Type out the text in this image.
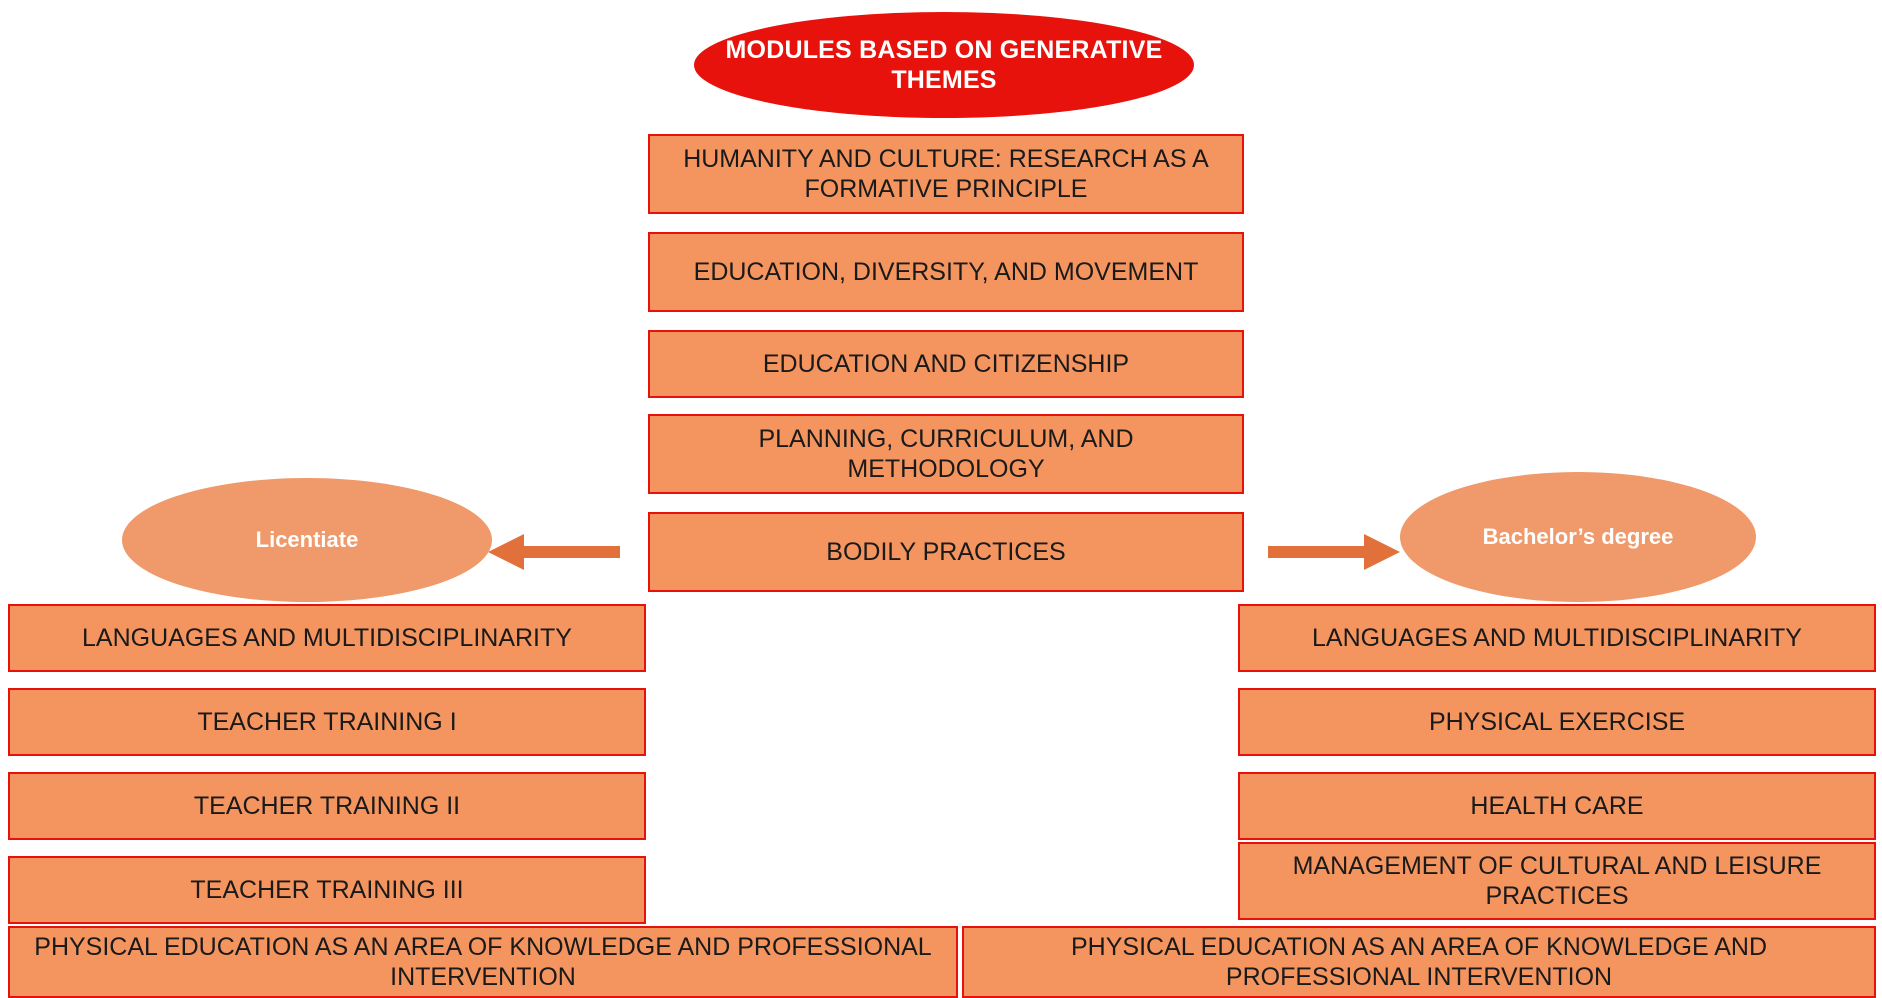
MODULES BASED ON GENERATIVE THEMES
HUMANITY AND CULTURE: RESEARCH AS A FORMATIVE PRINCIPLE
EDUCATION, DIVERSITY, AND MOVEMENT
EDUCATION AND CITIZENSHIP
PLANNING, CURRICULUM, AND METHODOLOGY
BODILY PRACTICES
Licentiate	Bachelor’s degree
LANGUAGES AND MULTIDISCIPLINARITY
TEACHER TRAINING I
TEACHER TRAINING II
TEACHER TRAINING III
PHYSICAL EDUCATION AS AN AREA OF KNOWLEDGE AND PROFESSIONAL INTERVENTION
LANGUAGES AND MULTIDISCIPLINARITY
PHYSICAL EXERCISE
HEALTH CARE
MANAGEMENT OF CULTURAL AND LEISURE PRACTICES
PHYSICAL EDUCATION AS AN AREA OF KNOWLEDGE AND PROFESSIONAL INTERVENTION
